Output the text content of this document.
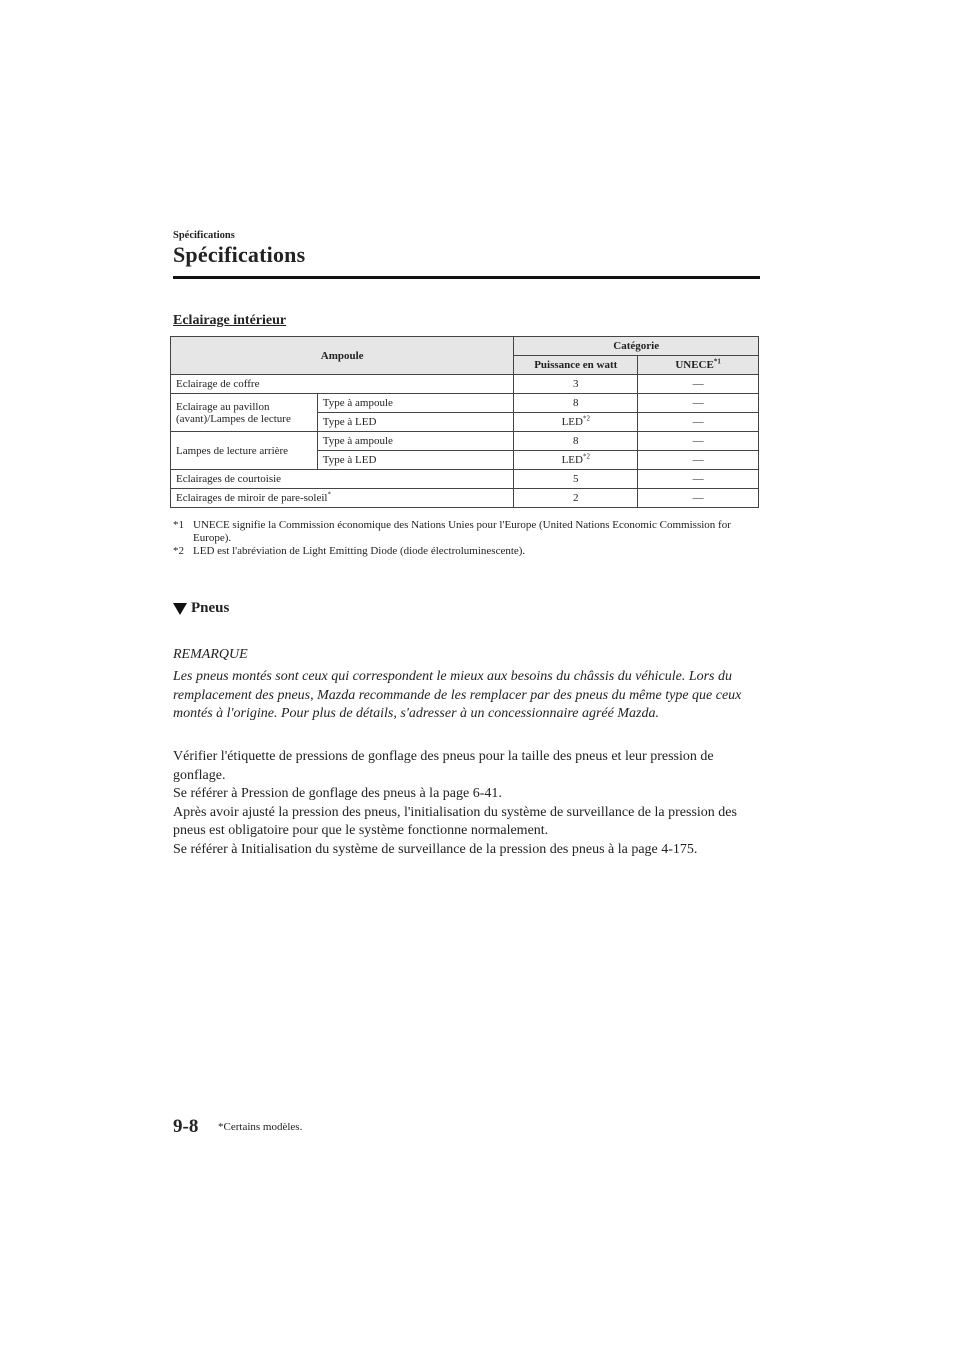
Spécifications
Spécifications
Eclairage intérieur
Ampoule		Catégorie	
		Puissance en watt	UNECE$^{*1}$
Eclairage de coffre		3	—
Eclairage au pavillon (avant)/Lampes de lecture	Type à ampoule	8	—
	Type à LED	LED$^{*2}$	—
Lampes de lecture arrière	Type à ampoule	8	—
	Type à LED	LED$^{*2}$	—
Eclairages de courtoisie		5	—
Eclairages de miroir de pare-soleil*		2	—
*1 UNECE signifie la Commission économique des Nations Unies pour l'Europe (United Nations Economic Commission for Europe).
*2 LED est l'abréviation de Light Emitting Diode (diode électroluminescente).
Pneus
REMARQUE
Les pneus montés sont ceux qui correspondent le mieux aux besoins du châssis du véhicule. Lors du remplacement des pneus, Mazda recommande de les remplacer par des pneus du même type que ceux montés à l'origine. Pour plus de détails, s'adresser à un concessionnaire agréé Mazda.

Vérifier l'étiquette de pressions de gonflage des pneus pour la taille des pneus et leur pression de gonflage.

Se référer à Pression de gonflage des pneus à la page 6-41.

Après avoir ajusté la pression des pneus, l'initialisation du système de surveillance de la pression des pneus est obligatoire pour que le système fonctionne normalement.

Se référer à Initialisation du système de surveillance de la pression des pneus à la page 4-175.

9-8 *Certains modèles.
